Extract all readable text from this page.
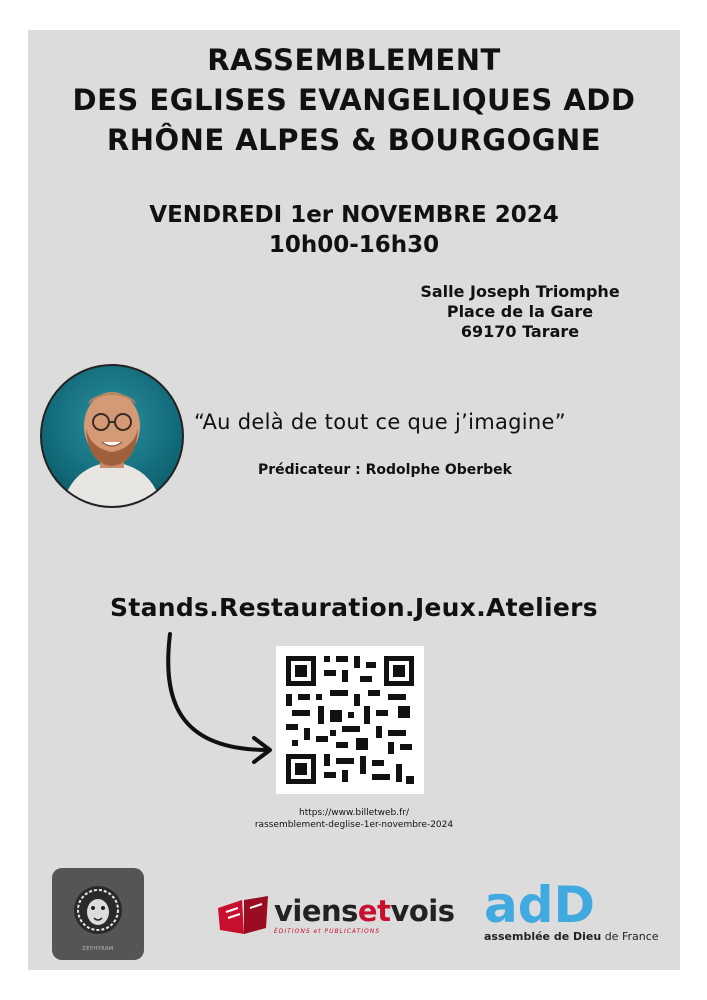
RASSEMBLEMENT
DES EGLISES EVANGELIQUES ADD
RHÔNE ALPES & BOURGOGNE
VENDREDI 1er NOVEMBRE 2024
10h00-16h30
Salle Joseph Triomphe
Place de la Gare
69170 Tarare
“Au delà de tout ce que j’imagine”
Prédicateur : Rodolphe Oberbek
Stands.Restauration.Jeux.Ateliers
https://www.billetweb.fr/
rassemblement-deglise-1er-novembre-2024
ZEPHYRAM
viensetvois
ÉDITIONS et PUBLICATIONS adD
assemblée de Dieu de France
